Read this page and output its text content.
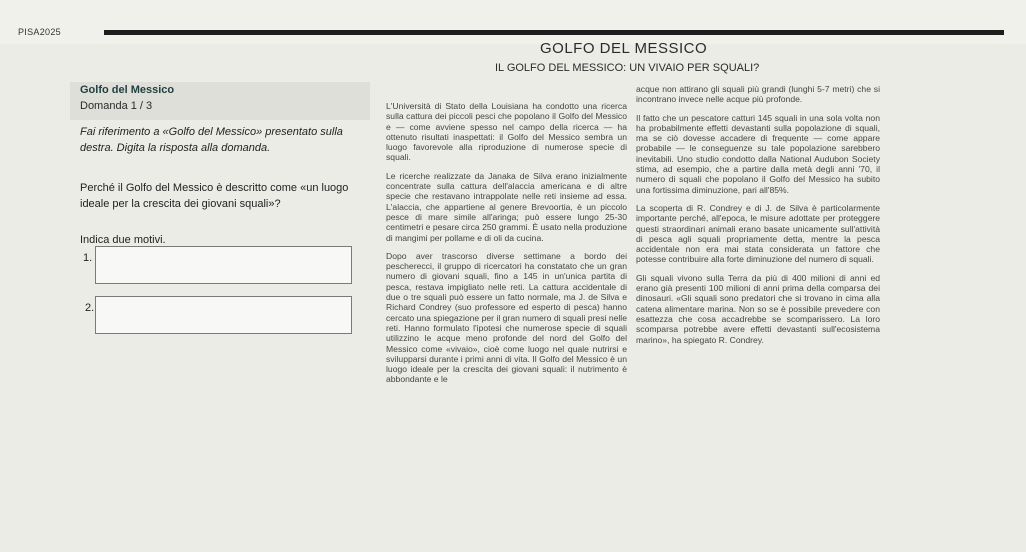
PISA2025
Golfo del Messico
Domanda 1 / 3
Fai riferimento a «Golfo del Messico» presentato sulla destra. Digita la risposta alla domanda.
Perché il Golfo del Messico è descritto come «un luogo ideale per la crescita dei giovani squali»?
Indica due motivi.
1.
2.
GOLFO DEL MESSICO
IL GOLFO DEL MESSICO: UN VIVAIO PER SQUALI?

L'Università di Stato della Louisiana ha condotto una ricerca sulla cattura dei piccoli pesci che popolano il Golfo del Messico e — come avviene spesso nel campo della ricerca — ha ottenuto risultati inaspettati: il Golfo del Messico sembra un luogo favorevole alla riproduzione di numerose specie di squali.

Le ricerche realizzate da Janaka de Silva erano inizialmente concentrate sulla cattura dell'alaccia americana e di altre specie che restavano intrappolate nelle reti insieme ad essa. L'alaccia, che appartiene al genere Brevoortia, è un piccolo pesce di mare simile all'aringa; può essere lungo 25-30 centimetri e pesare circa 250 grammi. È usato nella produzione di mangimi per pollame e di oli da cucina.

Dopo aver trascorso diverse settimane a bordo dei pescherecci, il gruppo di ricercatori ha constatato che un gran numero di giovani squali, fino a 145 in un'unica partita di pesca, restava impigliato nelle reti. La cattura accidentale di due o tre squali può essere un fatto normale, ma J. de Silva e Richard Condrey (suo professore ed esperto di pesca) hanno cercato una spiegazione per il gran numero di squali presi nelle reti. Hanno formulato l'ipotesi che numerose specie di squali utilizzino le acque meno profonde del nord del Golfo del Messico come «vivaio», cioè come luogo nel quale nutrirsi e svilupparsi durante i primi anni di vita. Il Golfo del Messico è un luogo ideale per la crescita dei giovani squali: il nutrimento è abbondante e le

acque non attirano gli squali più grandi (lunghi 5-7 metri) che si incontrano invece nelle acque più profonde.

Il fatto che un pescatore catturi 145 squali in una sola volta non ha probabilmente effetti devastanti sulla popolazione di squali, ma se ciò dovesse accadere di frequente — come appare probabile — le conseguenze su tale popolazione sarebbero inevitabili. Uno studio condotto dalla National Audubon Society stima, ad esempio, che a partire dalla metà degli anni '70, il numero di squali che popolano il Golfo del Messico ha subito una fortissima diminuzione, pari all'85%.

La scoperta di R. Condrey e di J. de Silva è particolarmente importante perché, all'epoca, le misure adottate per proteggere questi straordinari animali erano basate unicamente sull'attività di pesca agli squali propriamente detta, mentre la pesca accidentale non era mai stata considerata un fattore che potesse contribuire alla forte diminuzione del numero di squali.

Gli squali vivono sulla Terra da più di 400 milioni di anni ed erano già presenti 100 milioni di anni prima della comparsa dei dinosauri. «Gli squali sono predatori che si trovano in cima alla catena alimentare marina. Non so se è possibile prevedere con esattezza che cosa accadrebbe se scomparissero. La loro scomparsa potrebbe avere effetti devastanti sull'ecosistema marino», ha spiegato R. Condrey.
